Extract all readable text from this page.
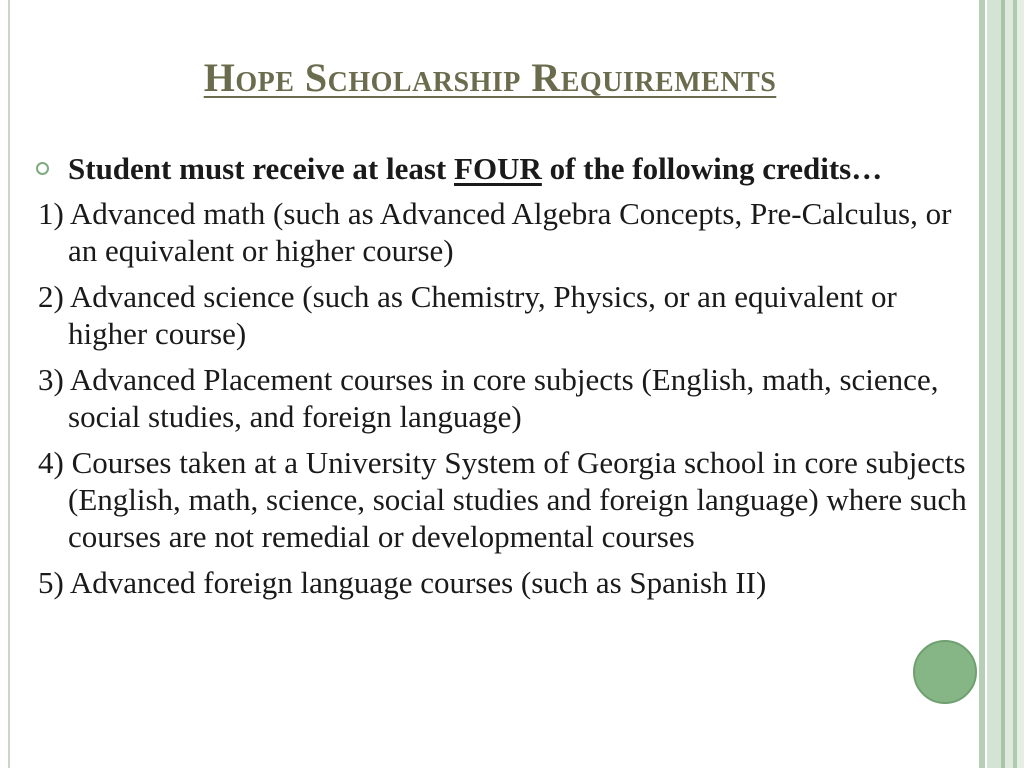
Hope Scholarship Requirements
Student must receive at least FOUR of the following credits…
1) Advanced math (such as Advanced Algebra Concepts, Pre-Calculus, or an equivalent or higher course)
2) Advanced science (such as Chemistry, Physics, or an equivalent or higher course)
3) Advanced Placement courses in core subjects (English, math, science, social studies, and foreign language)
4) Courses taken at a University System of Georgia school in core subjects (English, math, science, social studies and foreign language) where such courses are not remedial or developmental courses
5) Advanced foreign language courses (such as Spanish II)
